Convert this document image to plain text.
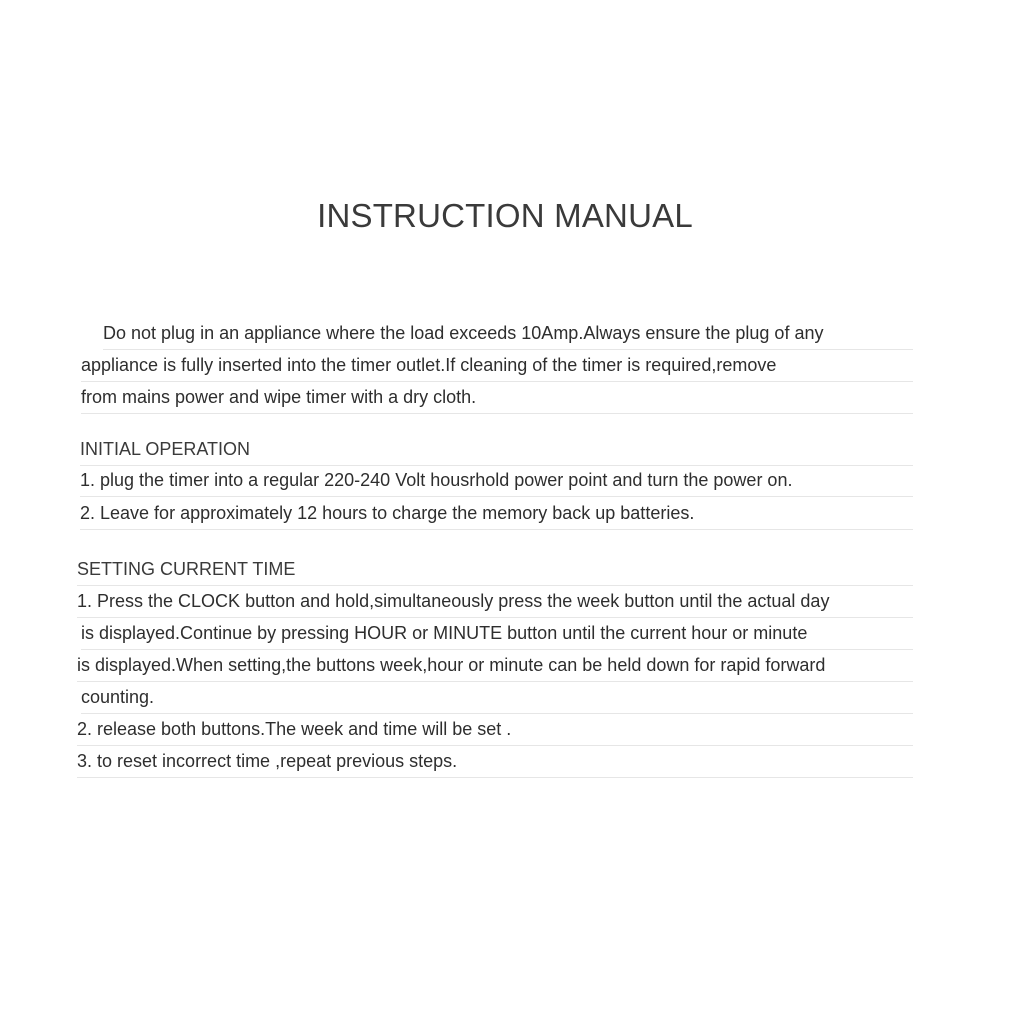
INSTRUCTION MANUAL
Do not plug in an appliance where the load exceeds 10Amp.Always ensure the plug of any
appliance is fully inserted into the timer outlet.If cleaning of the timer is required,remove
from mains power and wipe timer with a dry cloth.
INITIAL OPERATION
1. plug the timer into a regular 220-240 Volt housrhold power point and turn the power on.
2. Leave for approximately 12 hours to charge the memory back up batteries.
SETTING CURRENT TIME
1. Press the CLOCK button and hold,simultaneously press the week button until the actual day
is displayed.Continue by pressing HOUR or MINUTE button until the current hour or minute
is displayed.When setting,the buttons week,hour or minute can be held down for rapid forward
counting.
2. release both buttons.The week and time will be set .
3. to reset incorrect time ,repeat previous steps.
